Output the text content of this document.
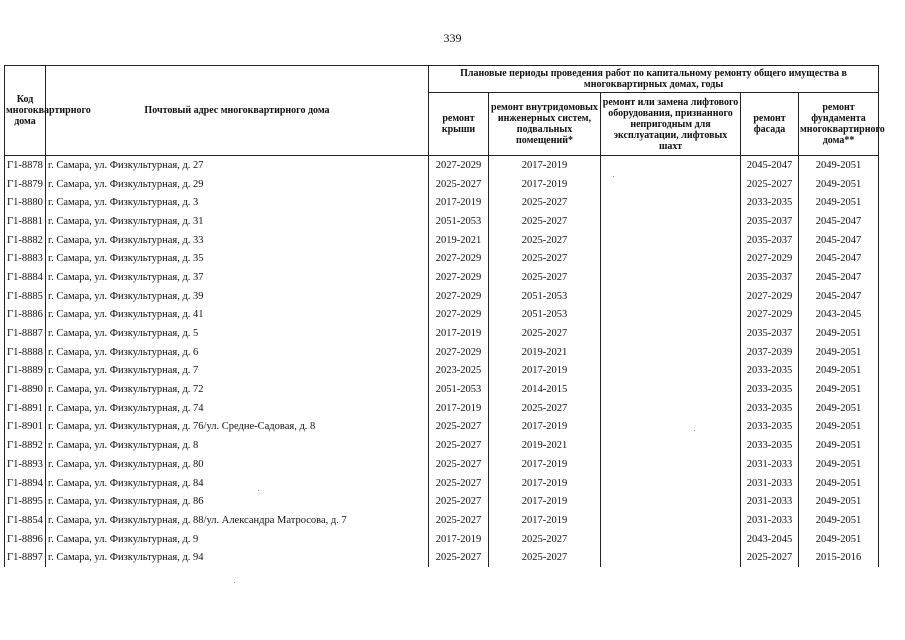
339
Код многоквартирного дома	Почтовый адрес многоквартирного дома	Плановые периоды проведения работ по капитальному ремонту общего имущества в многоквартирных домах, годы				
		ремонт крыши	ремонт внутридомовых инженерных систем, подвальных помещений*	ремонт или замена лифтового оборудования, признанного непригодным для эксплуатации, лифтовых шахт	ремонт фасада	ремонт фундамента многоквартирного дома**
Г1-8878	г. Самара, ул. Физкультурная, д. 27	2027-2029	2017-2019		2045-2047	2049-2051
Г1-8879	г. Самара, ул. Физкультурная, д. 29	2025-2027	2017-2019		2025-2027	2049-2051
Г1-8880	г. Самара, ул. Физкультурная, д. 3	2017-2019	2025-2027		2033-2035	2049-2051
Г1-8881	г. Самара, ул. Физкультурная, д. 31	2051-2053	2025-2027		2035-2037	2045-2047
Г1-8882	г. Самара, ул. Физкультурная, д. 33	2019-2021	2025-2027		2035-2037	2045-2047
Г1-8883	г. Самара, ул. Физкультурная, д. 35	2027-2029	2025-2027		2027-2029	2045-2047
Г1-8884	г. Самара, ул. Физкультурная, д. 37	2027-2029	2025-2027		2035-2037	2045-2047
Г1-8885	г. Самара, ул. Физкультурная, д. 39	2027-2029	2051-2053		2027-2029	2045-2047
Г1-8886	г. Самара, ул. Физкультурная, д. 41	2027-2029	2051-2053		2027-2029	2043-2045
Г1-8887	г. Самара, ул. Физкультурная, д. 5	2017-2019	2025-2027		2035-2037	2049-2051
Г1-8888	г. Самара, ул. Физкультурная, д. 6	2027-2029	2019-2021		2037-2039	2049-2051
Г1-8889	г. Самара, ул. Физкультурная, д. 7	2023-2025	2017-2019		2033-2035	2049-2051
Г1-8890	г. Самара, ул. Физкультурная, д. 72	2051-2053	2014-2015		2033-2035	2049-2051
Г1-8891	г. Самара, ул. Физкультурная, д. 74	2017-2019	2025-2027		2033-2035	2049-2051
Г1-8901	г. Самара, ул. Физкультурная, д. 76/ул. Средне-Садовая, д. 8	2025-2027	2017-2019		2033-2035	2049-2051
Г1-8892	г. Самара, ул. Физкультурная, д. 8	2025-2027	2019-2021		2033-2035	2049-2051
Г1-8893	г. Самара, ул. Физкультурная, д. 80	2025-2027	2017-2019		2031-2033	2049-2051
Г1-8894	г. Самара, ул. Физкультурная, д. 84	2025-2027	2017-2019		2031-2033	2049-2051
Г1-8895	г. Самара, ул. Физкультурная, д. 86	2025-2027	2017-2019		2031-2033	2049-2051
Г1-8854	г. Самара, ул. Физкультурная, д. 88/ул. Александра Матросова, д. 7	2025-2027	2017-2019		2031-2033	2049-2051
Г1-8896	г. Самара, ул. Физкультурная, д. 9	2017-2019	2025-2027		2043-2045	2049-2051
Г1-8897	г. Самара, ул. Физкультурная, д. 94	2025-2027	2025-2027		2025-2027	2015-2016
